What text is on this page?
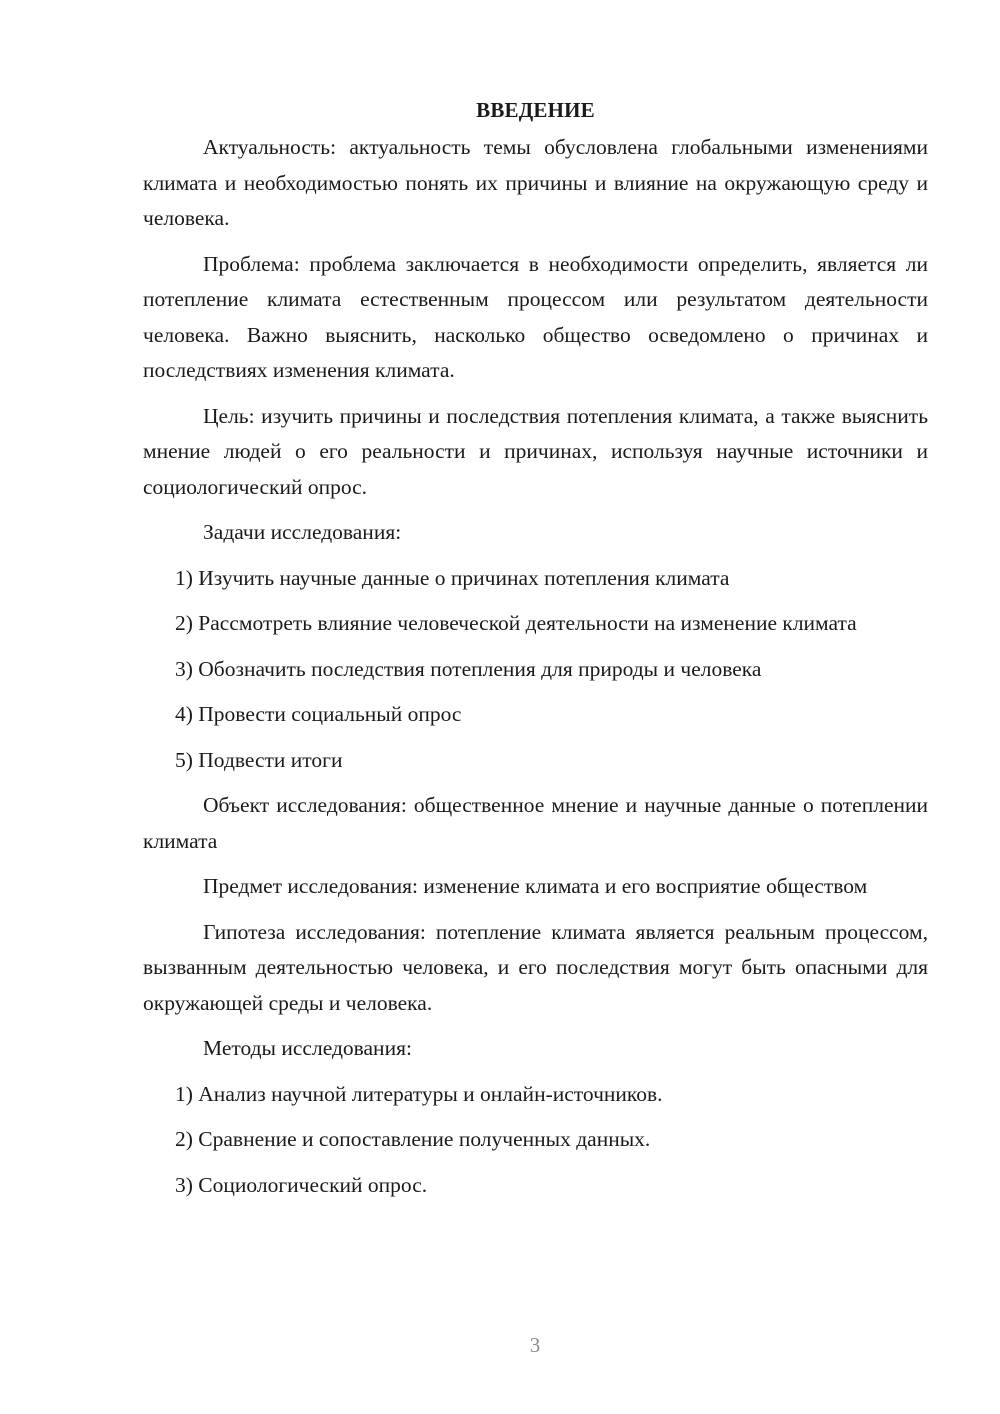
ВВЕДЕНИЕ

Актуальность: актуальность темы обусловлена глобальными изменениями климата и необходимостью понять их причины и влияние на окружающую среду и человека.

Проблема: проблема заключается в необходимости определить, является ли потепление климата естественным процессом или результатом деятельности человека. Важно выяснить, насколько общество осведомлено о причинах и последствиях изменения климата.

Цель: изучить причины и последствия потепления климата, а также выяснить мнение людей о его реальности и причинах, используя научные источники и социологический опрос.

Задачи исследования:

1) Изучить научные данные о причинах потепления климата

2) Рассмотреть влияние человеческой деятельности на изменение климата

3) Обозначить последствия потепления для природы и человека

4) Провести социальный опрос

5) Подвести итоги

Объект исследования: общественное мнение и научные данные о потеплении климата

Предмет исследования: изменение климата и его восприятие обществом

Гипотеза исследования: потепление климата является реальным процессом, вызванным деятельностью человека, и его последствия могут быть опасными для окружающей среды и человека.

Методы исследования:

1) Анализ научной литературы и онлайн-источников.

2) Сравнение и сопоставление полученных данных.

3) Социологический опрос.

3
